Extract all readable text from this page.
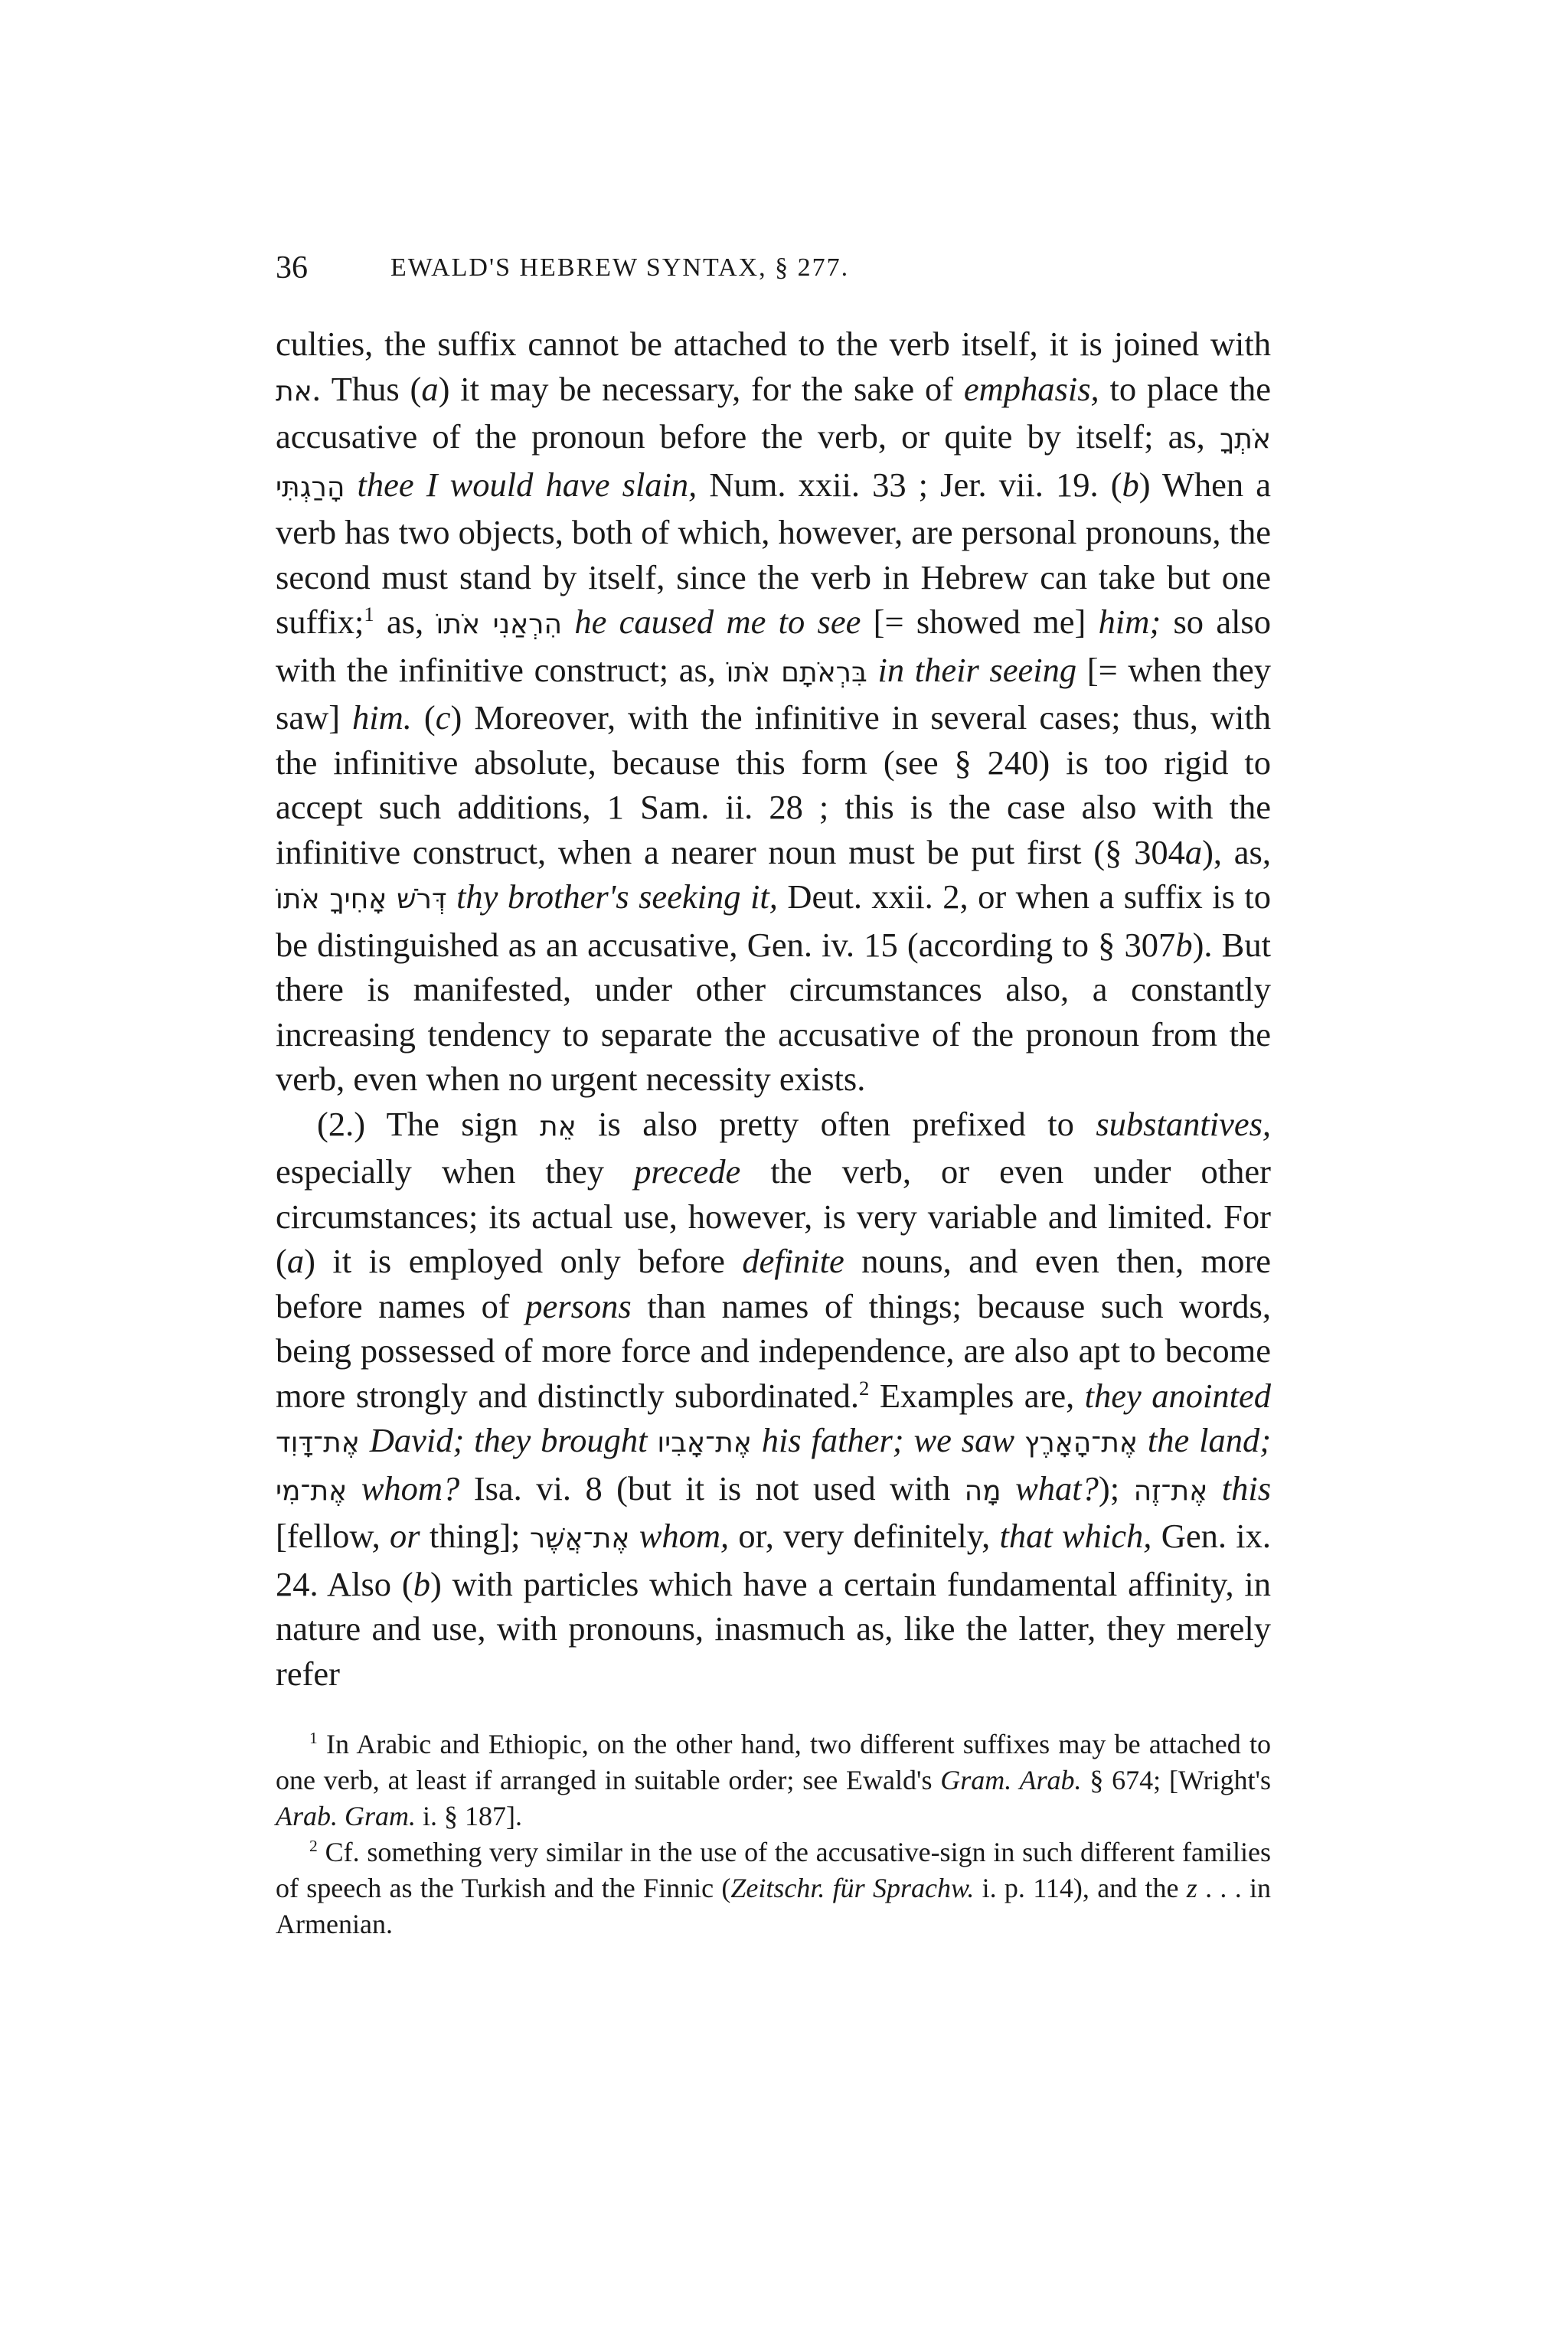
36	EWALD'S HEBREW SYNTAX, § 277.

culties, the suffix cannot be attached to the verb itself, it is joined with את. Thus (a) it may be necessary, for the sake of emphasis, to place the accusative of the pronoun before the verb, or quite by itself; as, אֹתְךָ הָרַגְתִּי thee I would have slain, Num. xxii. 33 ; Jer. vii. 19. (b) When a verb has two objects, both of which, however, are personal pronouns, the second must stand by itself, since the verb in Hebrew can take but one suffix;$^1$ as, הִרְאַנִי אֹתוֹ he caused me to see [= showed me] him; so also with the infinitive construct; as, בִּרְאֹתָם אֹתוֹ in their seeing [= when they saw] him. (c) Moreover, with the infinitive in several cases; thus, with the infinitive absolute, because this form (see § 240) is too rigid to accept such additions, 1 Sam. ii. 28 ; this is the case also with the infinitive construct, when a nearer noun must be put first (§ 304a), as, דְּרֹשׁ אָחִיךָ אֹתוֹ thy brother's seeking it, Deut. xxii. 2, or when a suffix is to be distinguished as an accusative, Gen. iv. 15 (according to § 307b). But there is manifested, under other circumstances also, a constantly increasing tendency to separate the accusative of the pronoun from the verb, even when no urgent necessity exists.

(2.) The sign אֵת is also pretty often prefixed to substantives, especially when they precede the verb, or even under other circumstances; its actual use, however, is very variable and limited. For (a) it is employed only before definite nouns, and even then, more before names of persons than names of things; because such words, being possessed of more force and independence, are also apt to become more strongly and distinctly subordinated.$^2$ Examples are, they anointed אֶת־דָּוִד David; they brought אֶת־אָבִיו his father; we saw אֶת־הָאָרֶץ the land; אֶת־מִי whom? Isa. vi. 8 (but it is not used with מָה what?); אֶת־זֶה this [fellow, or thing]; אֶת־אֲשֶׁר whom, or, very definitely, that which, Gen. ix. 24. Also (b) with particles which have a certain fundamental affinity, in nature and use, with pronouns, inasmuch as, like the latter, they merely refer

$^1$ In Arabic and Ethiopic, on the other hand, two different suffixes may be attached to one verb, at least if arranged in suitable order; see Ewald's Gram. Arab. § 674; [Wright's Arab. Gram. i. § 187].

$^2$ Cf. something very similar in the use of the accusative-sign in such different families of speech as the Turkish and the Finnic (Zeitschr. für Sprachw. i. p. 114), and the z . . . in Armenian.
